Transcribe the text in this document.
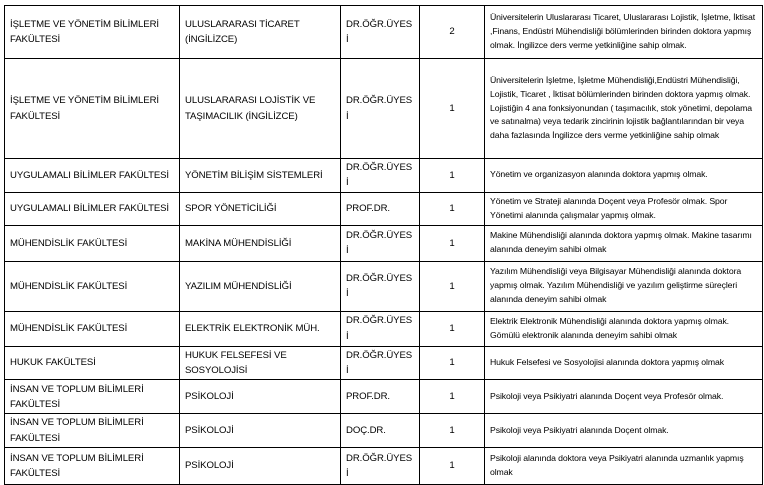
İŞLETME VE YÖNETİM BİLİMLERİ FAKÜLTESİ	ULUSLARARASI TİCARET (İNGİLİZCE)	DR.ÖĞR.ÜYESİ	2	Üniversitelerin Uluslararası Ticaret, Uluslararası Lojistik, İşletme, İktisat ,Finans, Endüstri Mühendisliği bölümlerinden birinden doktora yapmış olmak. İngilizce ders verme yetkinliğine sahip olmak.
İŞLETME VE YÖNETİM BİLİMLERİ FAKÜLTESİ	ULUSLARARASI LOJİSTİK VE TAŞIMACILIK (İNGİLİZCE)	DR.ÖĞR.ÜYESİ	1	Üniversitelerin İşletme, İşletme Mühendisliği,Endüstri Mühendisliği, Lojistik, Ticaret , İktisat bölümlerinden birinden doktora yapmış olmak. Lojistiğin 4 ana fonksiyonundan ( taşımacılık, stok yönetimi, depolama ve satınalma) veya tedarik zincirinin lojistik bağlantılarından bir veya daha fazlasında İngilizce ders verme yetkinliğine sahip olmak
UYGULAMALI BİLİMLER FAKÜLTESİ	YÖNETİM BİLİŞİM SİSTEMLERİ	DR.ÖĞR.ÜYESİ	1	Yönetim ve organizasyon alanında doktora yapmış olmak.
UYGULAMALI BİLİMLER FAKÜLTESİ	SPOR YÖNETİCİLİĞİ	PROF.DR.	1	Yönetim ve Strateji alanında Doçent veya Profesör olmak. Spor Yönetimi alanında çalışmalar yapmış olmak.
MÜHENDİSLİK FAKÜLTESİ	MAKİNA MÜHENDİSLİĞİ	DR.ÖĞR.ÜYESİ	1	Makine Mühendisliği alanında doktora yapmış olmak. Makine tasarımı alanında deneyim sahibi olmak
MÜHENDİSLİK FAKÜLTESİ	YAZILIM MÜHENDİSLİĞİ	DR.ÖĞR.ÜYESİ	1	Yazılım Mühendisliği veya Bilgisayar Mühendisliği alanında doktora yapmış olmak. Yazılım Mühendisliği ve yazılım geliştirme süreçleri alanında deneyim sahibi olmak
MÜHENDİSLİK FAKÜLTESİ	ELEKTRİK ELEKTRONİK MÜH.	DR.ÖĞR.ÜYESİ	1	Elektrik Elektronik Mühendisliği alanında doktora yapmış olmak. Gömülü elektronik alanında deneyim sahibi olmak
HUKUK FAKÜLTESİ	HUKUK FELSEFESİ VE SOSYOLOJİSİ	DR.ÖĞR.ÜYESİ	1	Hukuk Felsefesi ve Sosyolojisi alanında doktora yapmış olmak
İNSAN VE TOPLUM BİLİMLERİ FAKÜLTESİ	PSİKOLOJİ	PROF.DR.	1	Psikoloji veya Psikiyatri alanında Doçent veya Profesör olmak.
İNSAN VE TOPLUM BİLİMLERİ FAKÜLTESİ	PSİKOLOJİ	DOÇ.DR.	1	Psikoloji veya Psikiyatri alanında Doçent olmak.
İNSAN VE TOPLUM BİLİMLERİ FAKÜLTESİ	PSİKOLOJİ	DR.ÖĞR.ÜYESİ	1	Psikoloji alanında doktora veya Psikiyatri alanında uzmanlık yapmış olmak
